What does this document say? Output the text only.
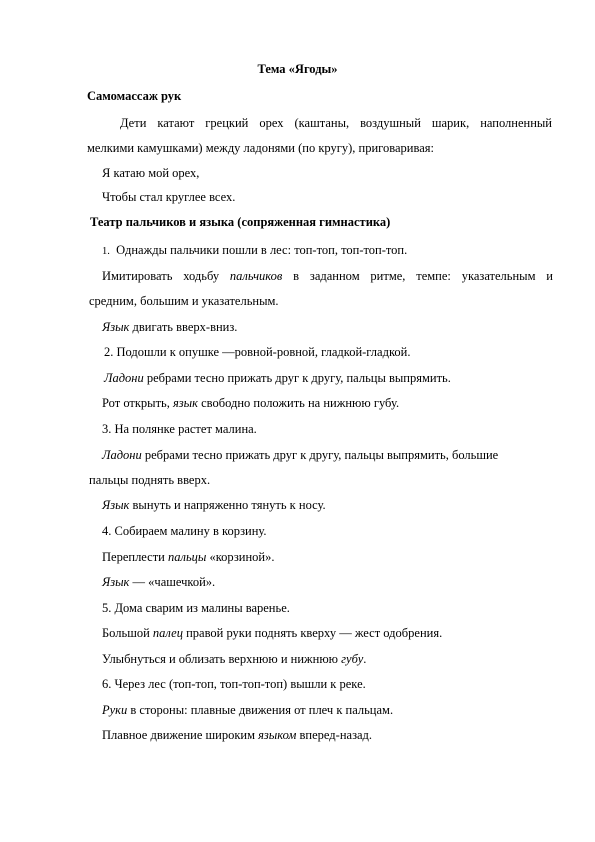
Тема «Ягоды»
Самомассаж рук
Дети катают грецкий орех (каштаны, воздушный шарик, наполненный
мелкими камушками) между ладонями (по кругу), приговаривая:
Я катаю мой орех,
Чтобы стал круглее всех.
Театр пальчиков и языка (сопряженная гимнастика)
1. Однажды пальчики пошли в лес: топ-топ, топ-топ-топ.
Имитировать ходьбу пальчиков в заданном ритме, темпе: указательным и
средним, большим и указательным.
Язык двигать вверх-вниз.
2. Подошли к опушке —ровной-ровной, гладкой-гладкой.
Ладони ребрами тесно прижать друг к другу, пальцы выпрямить.
Рот открыть, язык свободно положить на нижнюю губу.
3. На полянке растет малина.
Ладони ребрами тесно прижать друг к другу, пальцы выпрямить, большие
пальцы поднять вверх.
Язык вынуть и напряженно тянуть к носу.
4. Собираем малину в корзину.
Переплести пальцы «корзиной».
Язык — «чашечкой».
5. Дома сварим из малины варенье.
Большой палец правой руки поднять кверху — жест одобрения.
Улыбнуться и облизать верхнюю и нижнюю губу.
6. Через лес (топ-топ, топ-топ-топ) вышли к реке.
Руки в стороны: плавные движения от плеч к пальцам.
Плавное движение широким языком вперед-назад.
